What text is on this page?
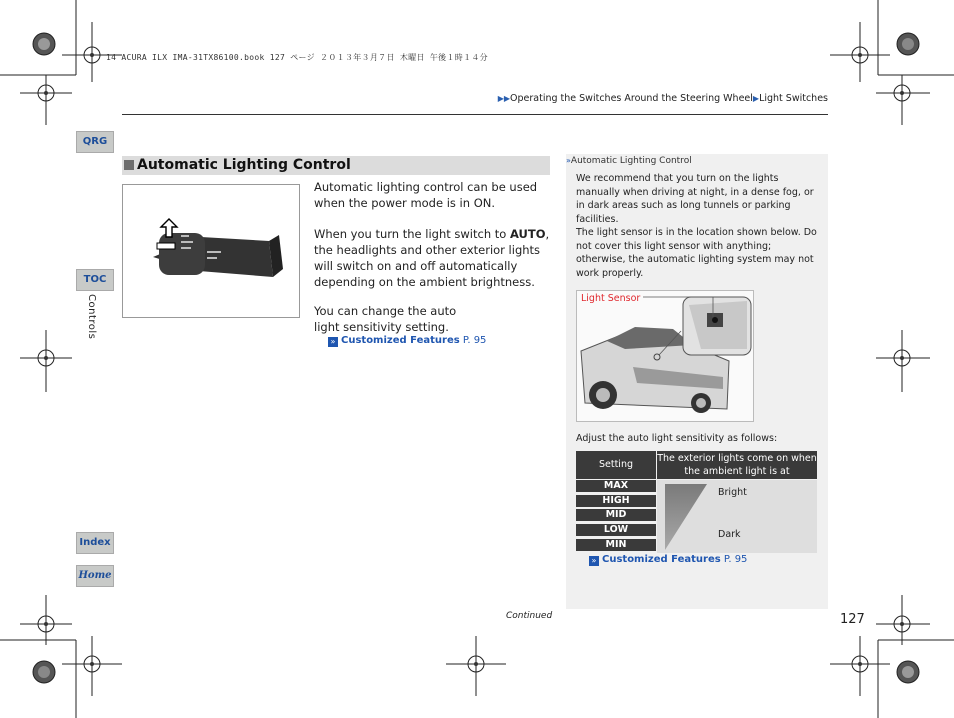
14 ACURA ILX IMA-31TX86100.book 127 ページ ２０１３年３月７日 木曜日 午後１時１４分
▶▶Operating the Switches Around the Steering Wheel▶Light Switches
QRG
TOC
Index
Home
Controls
Automatic Lighting Control
Automatic lighting control can be used when the power mode is in ON.
When you turn the light switch to AUTO, the headlights and other exterior lights will switch on and off automatically depending on the ambient brightness.
You can change the auto light sensitivity setting.
» Customized Features P. 95
»Automatic Lighting Control
We recommend that you turn on the lights manually when driving at night, in a dense fog, or in dark areas such as long tunnels or parking facilities.
The light sensor is in the location shown below. Do not cover this light sensor with anything; otherwise, the automatic lighting system may not work properly.
Light Sensor
Adjust the auto light sensitivity as follows:
Setting
The exterior lights come on when the ambient light is at
MAX
HIGH
MID
LOW
MIN
Bright
Dark
» Customized Features P. 95
Continued	127
